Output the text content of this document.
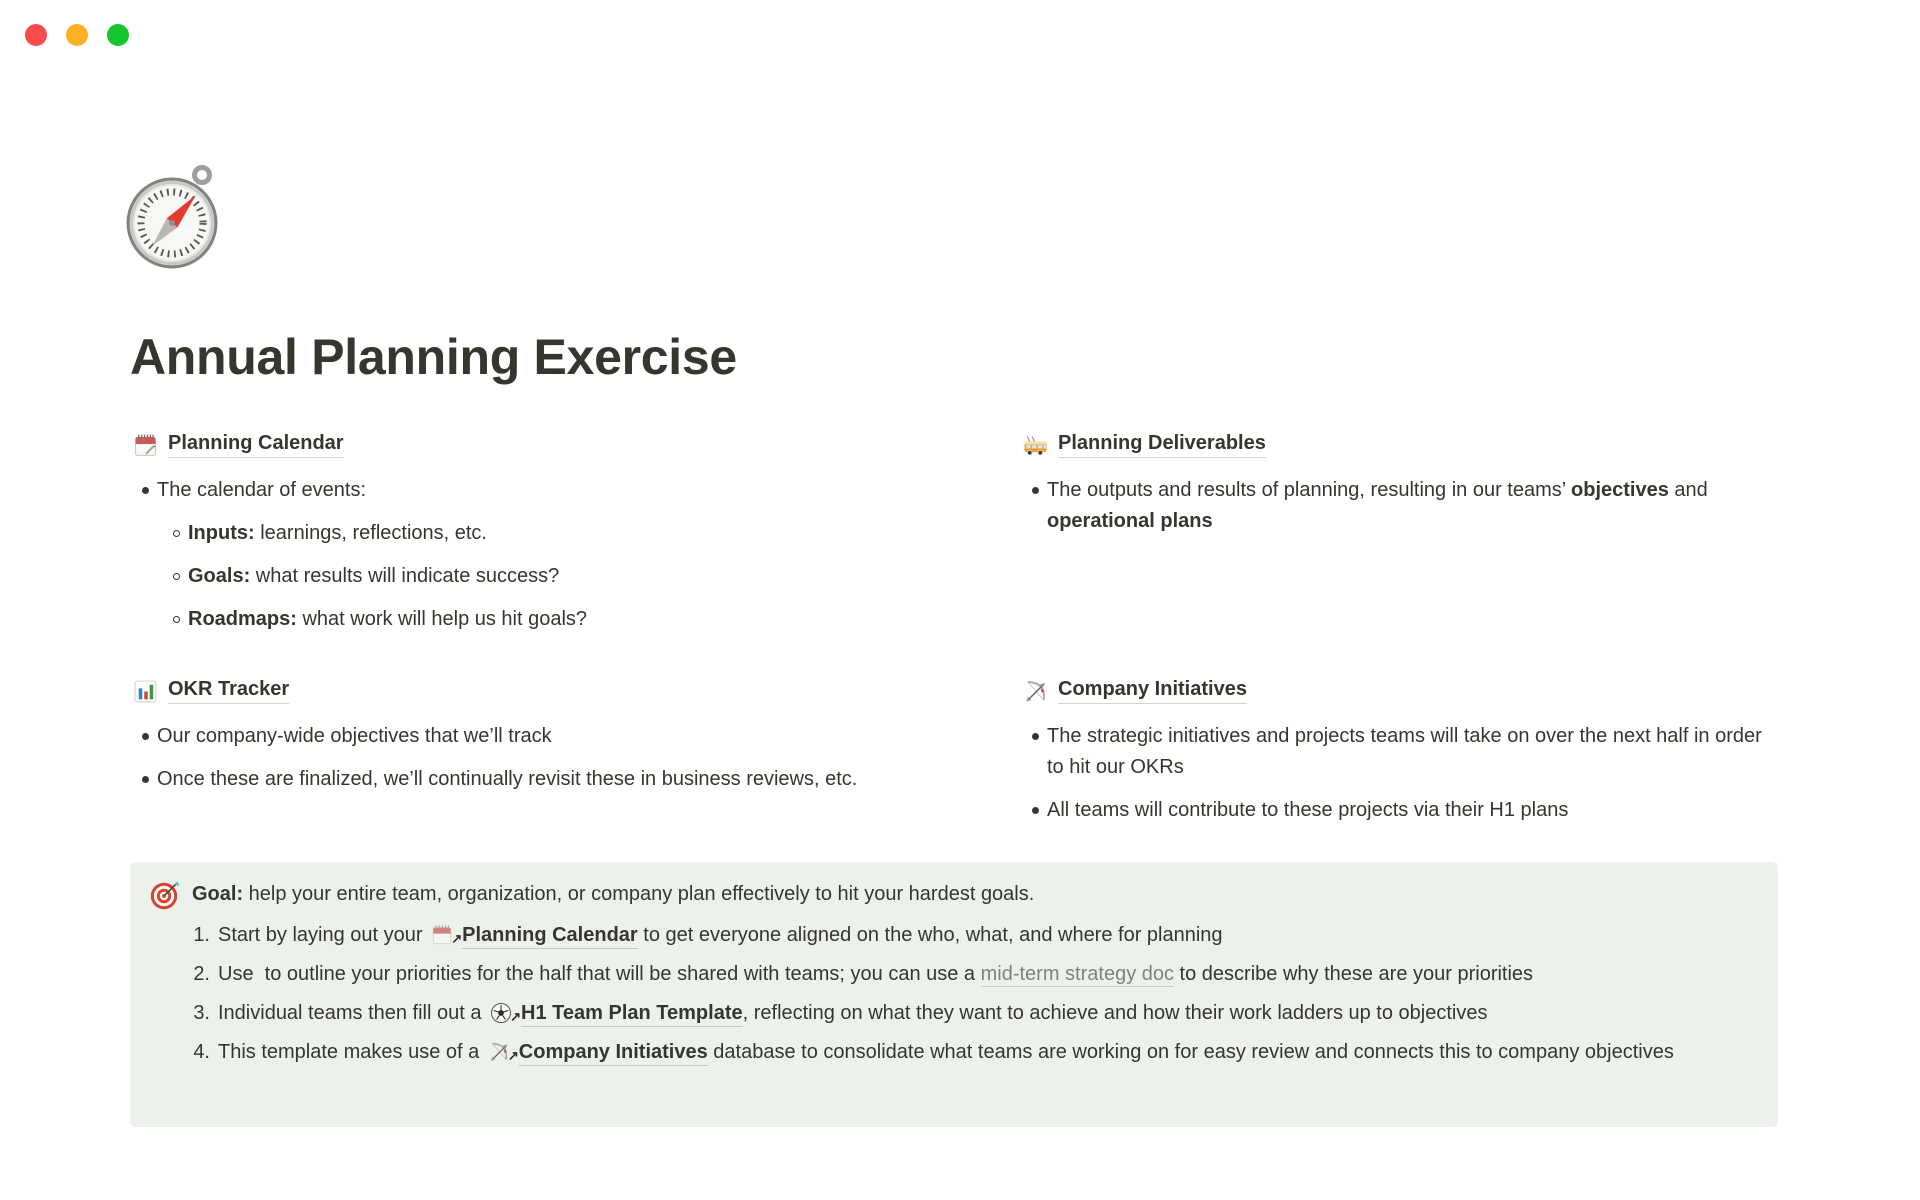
Annual Planning Exercise
Planning Calendar
The calendar of events:
Inputs: learnings, reflections, etc.
Goals: what results will indicate success?
Roadmaps: what work will help us hit goals?
Planning Deliverables
The outputs and results of planning, resulting in our teams’ objectives and operational plans
OKR Tracker
Our company-wide objectives that we’ll track
Once these are finalized, we’ll continually revisit these in business reviews, etc.
Company Initiatives
The strategic initiatives and projects teams will take on over the next half in order to hit our OKRs
All teams will contribute to these projects via their H1 plans
Goal: help your entire team, organization, or company plan effectively to hit your hardest goals.
1. Start by laying out your ↗ Planning Calendar to get everyone aligned on the who, what, and where for planning
2. Use  to outline your priorities for the half that will be shared with teams; you can use a mid-term strategy doc to describe why these are your priorities
3. Individual teams then fill out a ↗ H1 Team Plan Template, reflecting on what they want to achieve and how their work ladders up to objectives
4. This template makes use of a ↗ Company Initiatives database to consolidate what teams are working on for easy review and connects this to company objectives
